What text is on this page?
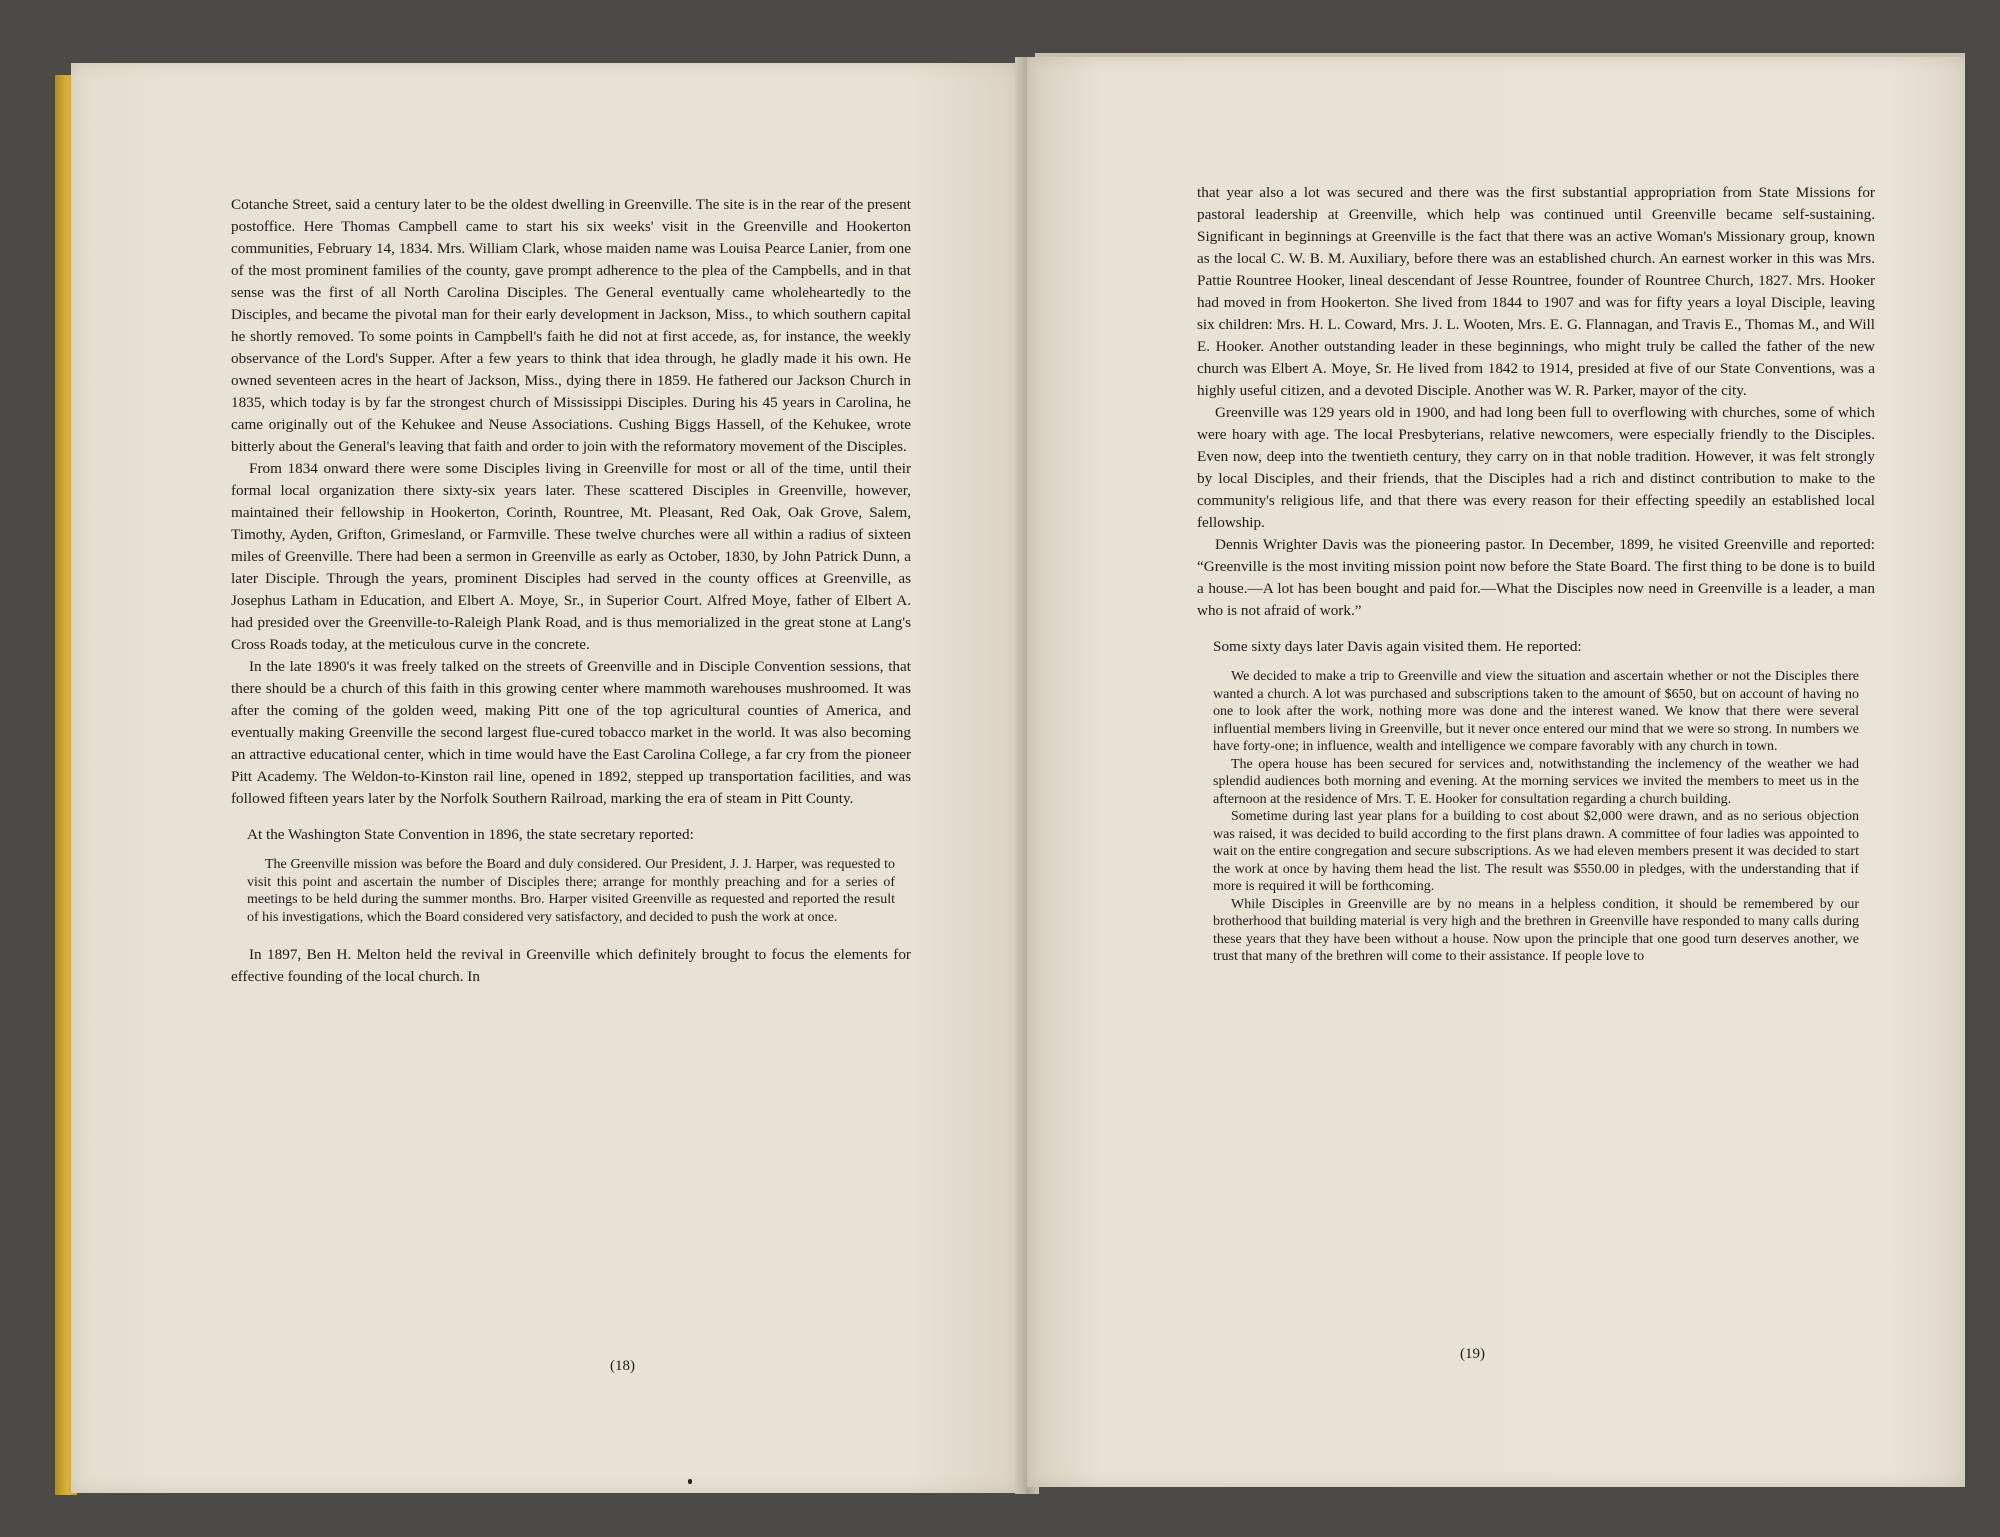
Cotanche Street, said a century later to be the oldest dwelling in Greenville. The site is in the rear of the present postoffice. Here Thomas Campbell came to start his six weeks' visit in the Greenville and Hookerton communities, February 14, 1834. Mrs. William Clark, whose maiden name was Louisa Pearce Lanier, from one of the most prominent families of the county, gave prompt adherence to the plea of the Campbells, and in that sense was the first of all North Carolina Disciples. The General eventually came wholeheartedly to the Disciples, and became the pivotal man for their early development in Jackson, Miss., to which southern capital he shortly removed. To some points in Campbell's faith he did not at first accede, as, for instance, the weekly observance of the Lord's Supper. After a few years to think that idea through, he gladly made it his own. He owned seventeen acres in the heart of Jackson, Miss., dying there in 1859. He fathered our Jackson Church in 1835, which today is by far the strongest church of Mississippi Disciples. During his 45 years in Carolina, he came originally out of the Kehukee and Neuse Associations. Cushing Biggs Hassell, of the Kehukee, wrote bitterly about the General's leaving that faith and order to join with the reformatory movement of the Disciples.

From 1834 onward there were some Disciples living in Greenville for most or all of the time, until their formal local organization there sixty-six years later. These scattered Disciples in Greenville, however, maintained their fellowship in Hookerton, Corinth, Rountree, Mt. Pleasant, Red Oak, Oak Grove, Salem, Timothy, Ayden, Grifton, Grimesland, or Farmville. These twelve churches were all within a radius of sixteen miles of Greenville. There had been a sermon in Greenville as early as October, 1830, by John Patrick Dunn, a later Disciple. Through the years, prominent Disciples had served in the county offices at Greenville, as Josephus Latham in Education, and Elbert A. Moye, Sr., in Superior Court. Alfred Moye, father of Elbert A. had presided over the Greenville-to-Raleigh Plank Road, and is thus memorialized in the great stone at Lang's Cross Roads today, at the meticulous curve in the concrete.

In the late 1890's it was freely talked on the streets of Greenville and in Disciple Convention sessions, that there should be a church of this faith in this growing center where mammoth warehouses mushroomed. It was after the coming of the golden weed, making Pitt one of the top agricultural counties of America, and eventually making Greenville the second largest flue-cured tobacco market in the world. It was also becoming an attractive educational center, which in time would have the East Carolina College, a far cry from the pioneer Pitt Academy. The Weldon-to-Kinston rail line, opened in 1892, stepped up transportation facilities, and was followed fifteen years later by the Norfolk Southern Railroad, marking the era of steam in Pitt County.

At the Washington State Convention in 1896, the state secretary reported:

The Greenville mission was before the Board and duly considered. Our President, J. J. Harper, was requested to visit this point and ascertain the number of Disciples there; arrange for monthly preaching and for a series of meetings to be held during the summer months. Bro. Harper visited Greenville as requested and reported the result of his investigations, which the Board considered very satisfactory, and decided to push the work at once.

In 1897, Ben H. Melton held the revival in Greenville which definitely brought to focus the elements for effective founding of the local church. In

that year also a lot was secured and there was the first substantial appropriation from State Missions for pastoral leadership at Greenville, which help was continued until Greenville became self-sustaining. Significant in beginnings at Greenville is the fact that there was an active Woman's Missionary group, known as the local C. W. B. M. Auxiliary, before there was an established church. An earnest worker in this was Mrs. Pattie Rountree Hooker, lineal descendant of Jesse Rountree, founder of Rountree Church, 1827. Mrs. Hooker had moved in from Hookerton. She lived from 1844 to 1907 and was for fifty years a loyal Disciple, leaving six children: Mrs. H. L. Coward, Mrs. J. L. Wooten, Mrs. E. G. Flannagan, and Travis E., Thomas M., and Will E. Hooker. Another outstanding leader in these beginnings, who might truly be called the father of the new church was Elbert A. Moye, Sr. He lived from 1842 to 1914, presided at five of our State Conventions, was a highly useful citizen, and a devoted Disciple. Another was W. R. Parker, mayor of the city.

Greenville was 129 years old in 1900, and had long been full to overflowing with churches, some of which were hoary with age. The local Presbyterians, relative newcomers, were especially friendly to the Disciples. Even now, deep into the twentieth century, they carry on in that noble tradition. However, it was felt strongly by local Disciples, and their friends, that the Disciples had a rich and distinct contribution to make to the community's religious life, and that there was every reason for their effecting speedily an established local fellowship.

Dennis Wrighter Davis was the pioneering pastor. In December, 1899, he visited Greenville and reported: “Greenville is the most inviting mission point now before the State Board. The first thing to be done is to build a house.—A lot has been bought and paid for.—What the Disciples now need in Greenville is a leader, a man who is not afraid of work.”

Some sixty days later Davis again visited them. He reported:

We decided to make a trip to Greenville and view the situation and ascertain whether or not the Disciples there wanted a church. A lot was purchased and subscriptions taken to the amount of $650, but on account of having no one to look after the work, nothing more was done and the interest waned. We know that there were several influential members living in Greenville, but it never once entered our mind that we were so strong. In numbers we have forty-one; in influence, wealth and intelligence we compare favorably with any church in town.

The opera house has been secured for services and, notwithstanding the inclemency of the weather we had splendid audiences both morning and evening. At the morning services we invited the members to meet us in the afternoon at the residence of Mrs. T. E. Hooker for consultation regarding a church building.

Sometime during last year plans for a building to cost about $2,000 were drawn, and as no serious objection was raised, it was decided to build according to the first plans drawn. A committee of four ladies was appointed to wait on the entire congregation and secure subscriptions. As we had eleven members present it was decided to start the work at once by having them head the list. The result was $550.00 in pledges, with the understanding that if more is required it will be forthcoming.

While Disciples in Greenville are by no means in a helpless condition, it should be remembered by our brotherhood that building material is very high and the brethren in Greenville have responded to many calls during these years that they have been without a house. Now upon the principle that one good turn deserves another, we trust that many of the brethren will come to their assistance. If people love to

(18)
(19)
